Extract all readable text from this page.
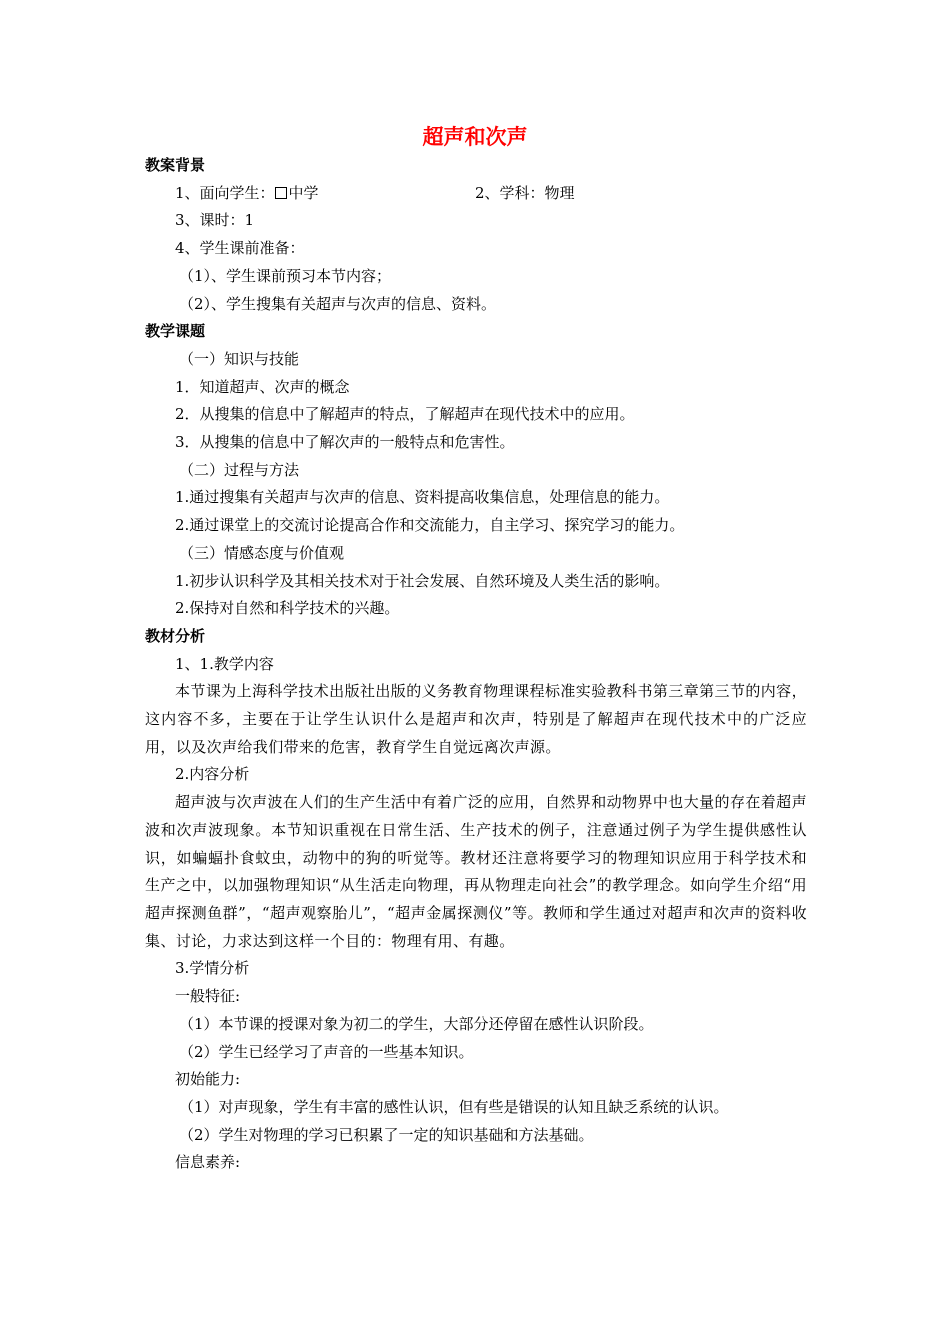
超声和次声
教案背景
1、面向学生： 中学	2、学科：物理
3、课时：1
4、学生课前准备：
（1）、学生课前预习本节内容；
（2）、学生搜集有关超声与次声的信息、资料。
教学课题
（一）知识与技能
1．知道超声、次声的概念
2．从搜集的信息中了解超声的特点，了解超声在现代技术中的应用。
3．从搜集的信息中了解次声的一般特点和危害性。
（二）过程与方法
1.通过搜集有关超声与次声的信息、资料提高收集信息，处理信息的能力。
2.通过课堂上的交流讨论提高合作和交流能力，自主学习、探究学习的能力。
（三）情感态度与价值观
1.初步认识科学及其相关技术对于社会发展、自然环境及人类生活的影响。
2.保持对自然和科学技术的兴趣。
教材分析
1、1.教学内容
本节课为上海科学技术出版社出版的义务教育物理课程标准实验教科书第三章第三节的内容，这内容不多，主要在于让学生认识什么是超声和次声，特别是了解超声在现代技术中的广泛应用，以及次声给我们带来的危害，教育学生自觉远离次声源。
2.内容分析
超声波与次声波在人们的生产生活中有着广泛的应用，自然界和动物界中也大量的存在着超声波和次声波现象。本节知识重视在日常生活、生产技术的例子，注意通过例子为学生提供感性认识，如蝙蝠扑食蚊虫，动物中的狗的听觉等。教材还注意将要学习的物理知识应用于科学技术和生产之中，以加强物理知识“从生活走向物理，再从物理走向社会”的教学理念。如向学生介绍“用超声探测鱼群”，“超声观察胎儿”，“超声金属探测仪”等。教师和学生通过对超声和次声的资料收集、讨论，力求达到这样一个目的：物理有用、有趣。
3.学情分析
一般特征:
（1）本节课的授课对象为初二的学生，大部分还停留在感性认识阶段。
（2）学生已经学习了声音的一些基本知识。
初始能力:
（1）对声现象，学生有丰富的感性认识，但有些是错误的认知且缺乏系统的认识。
（2）学生对物理的学习已积累了一定的知识基础和方法基础。
信息素养:
